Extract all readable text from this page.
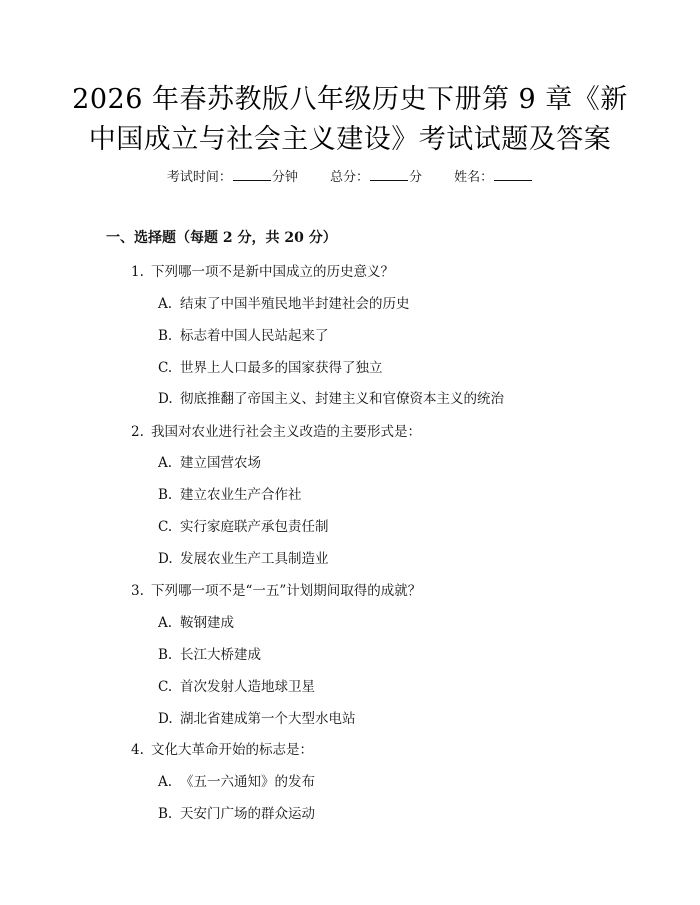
2026 年春苏教版八年级历史下册第 9 章《新
中国成立与社会主义建设》考试试题及答案
考试时间：	分钟 总分：	分 姓名：
一、选择题（每题 2 分，共 20 分）
1. 下列哪一项不是新中国成立的历史意义？
A. 结束了中国半殖民地半封建社会的历史
B. 标志着中国人民站起来了
C. 世界上人口最多的国家获得了独立
D. 彻底推翻了帝国主义、封建主义和官僚资本主义的统治
2. 我国对农业进行社会主义改造的主要形式是：
A. 建立国营农场
B. 建立农业生产合作社
C. 实行家庭联产承包责任制
D. 发展农业生产工具制造业
3. 下列哪一项不是“一五”计划期间取得的成就？
A. 鞍钢建成
B. 长江大桥建成
C. 首次发射人造地球卫星
D. 湖北省建成第一个大型水电站
4. 文化大革命开始的标志是：
A. 《五一六通知》的发布
B. 天安门广场的群众运动
